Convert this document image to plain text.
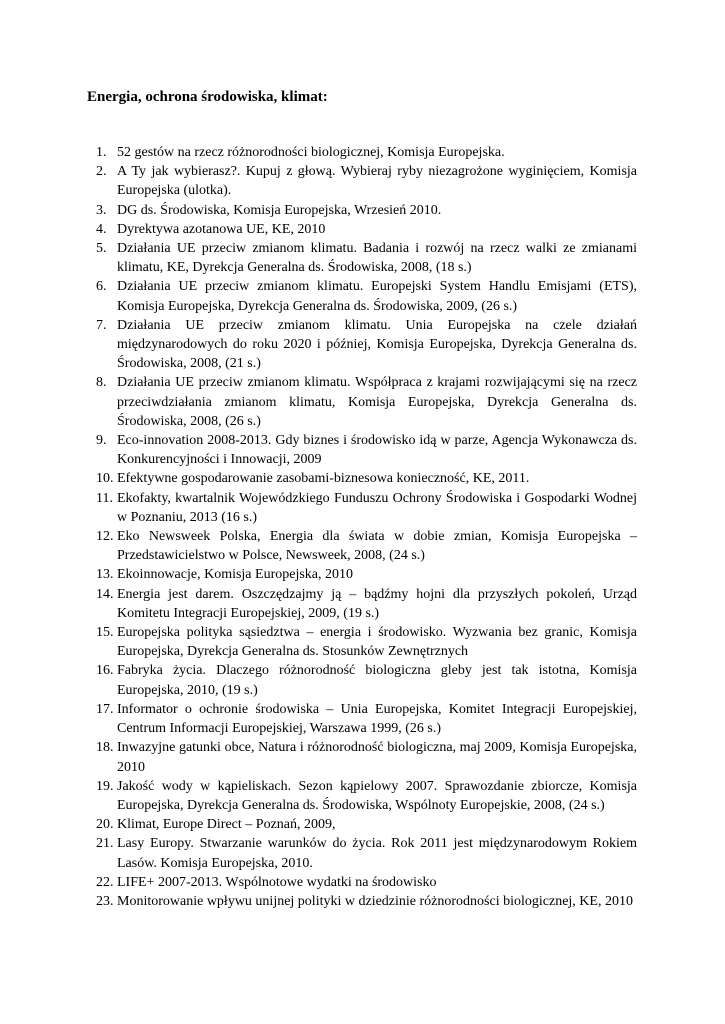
Energia, ochrona środowiska, klimat:
1. 52 gestów na rzecz różnorodności biologicznej, Komisja Europejska.
2. A Ty jak wybierasz?. Kupuj z głową. Wybieraj ryby niezagrożone wyginięciem, Komisja Europejska (ulotka).
3. DG ds. Środowiska, Komisja Europejska, Wrzesień 2010.
4. Dyrektywa azotanowa UE, KE, 2010
5. Działania UE przeciw zmianom klimatu. Badania i rozwój na rzecz walki ze zmianami klimatu, KE, Dyrekcja Generalna ds. Środowiska, 2008, (18 s.)
6. Działania UE przeciw zmianom klimatu. Europejski System Handlu Emisjami (ETS), Komisja Europejska, Dyrekcja Generalna ds. Środowiska, 2009, (26 s.)
7. Działania UE przeciw zmianom klimatu. Unia Europejska na czele działań międzynarodowych do roku 2020 i później, Komisja Europejska, Dyrekcja Generalna ds. Środowiska, 2008, (21 s.)
8. Działania UE przeciw zmianom klimatu. Współpraca z krajami rozwijającymi się na rzecz przeciwdziałania zmianom klimatu, Komisja Europejska, Dyrekcja Generalna ds. Środowiska, 2008, (26 s.)
9. Eco-innovation 2008-2013. Gdy biznes i środowisko idą w parze, Agencja Wykonawcza ds. Konkurencyjności i Innowacji, 2009
10. Efektywne gospodarowanie zasobami-biznesowa konieczność, KE, 2011.
11. Ekofakty, kwartalnik Wojewódzkiego Funduszu Ochrony Środowiska i Gospodarki Wodnej w Poznaniu, 2013 (16 s.)
12. Eko Newsweek Polska, Energia dla świata w dobie zmian, Komisja Europejska – Przedstawicielstwo w Polsce, Newsweek, 2008, (24 s.)
13. Ekoinnowacje, Komisja Europejska, 2010
14. Energia jest darem. Oszczędzajmy ją – bądźmy hojni dla przyszłych pokoleń, Urząd Komitetu Integracji Europejskiej, 2009, (19 s.)
15. Europejska polityka sąsiedztwa – energia i środowisko. Wyzwania bez granic, Komisja Europejska, Dyrekcja Generalna ds. Stosunków Zewnętrznych
16. Fabryka życia. Dlaczego różnorodność biologiczna gleby jest tak istotna, Komisja Europejska, 2010, (19 s.)
17. Informator o ochronie środowiska – Unia Europejska, Komitet Integracji Europejskiej, Centrum Informacji Europejskiej, Warszawa 1999, (26 s.)
18. Inwazyjne gatunki obce, Natura i różnorodność biologiczna, maj 2009, Komisja Europejska, 2010
19. Jakość wody w kąpieliskach. Sezon kąpielowy 2007. Sprawozdanie zbiorcze, Komisja Europejska, Dyrekcja Generalna ds. Środowiska, Wspólnoty Europejskie, 2008, (24 s.)
20. Klimat, Europe Direct – Poznań, 2009,
21. Lasy Europy. Stwarzanie warunków do życia. Rok 2011 jest międzynarodowym Rokiem Lasów. Komisja Europejska, 2010.
22. LIFE+ 2007-2013. Wspólnotowe wydatki na środowisko
23. Monitorowanie wpływu unijnej polityki w dziedzinie różnorodności biologicznej, KE, 2010
